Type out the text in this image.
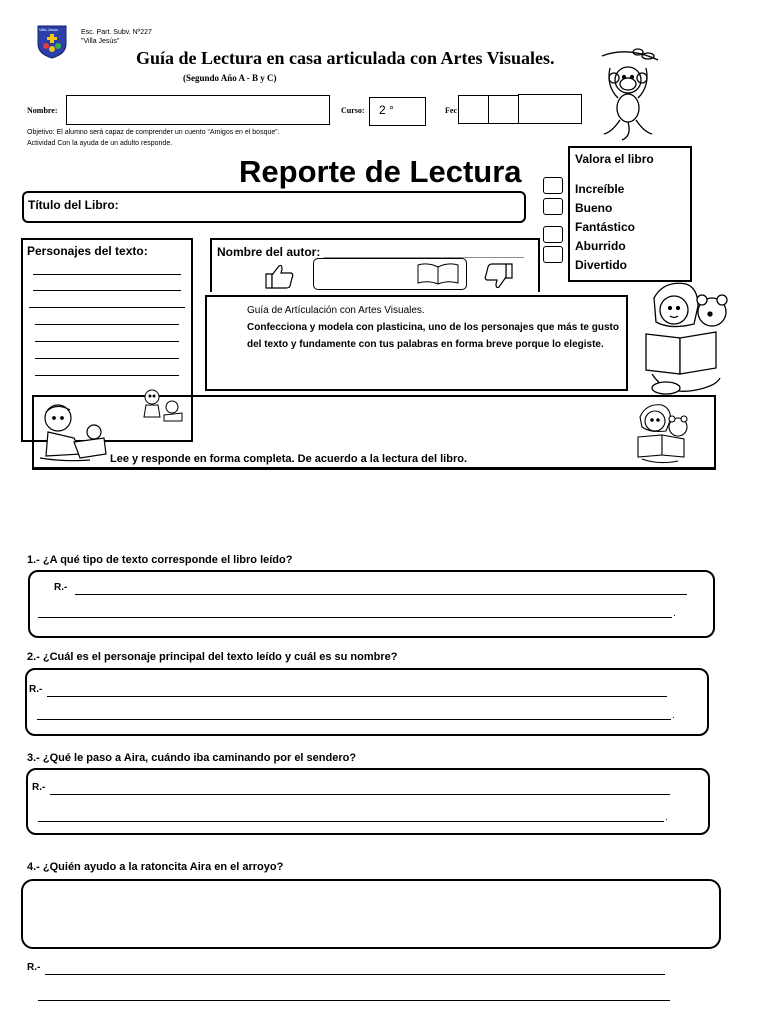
Villa Jesús	Esc. Part. Subv. Nº227
"Villa Jesús"
Guía de Lectura en casa articulada con Artes Visuales.
(Segundo Año A - B y C)
Nombre:	Curso: 2 °	Fec
Objetivo: El alumno será capaz de comprender un cuento “Amigos en el bosque”.
Actividad Con la ayuda de un adulto responde.
Reporte de Lectura
Título del Libro:
Valora el libro
Increíble
Bueno
Fantástico
Aburrido
Divertido
Personajes del texto:	Nombre del autor: ______________________________
Guía de Artículación con Artes Visuales.
Confecciona y modela con plasticina, uno de los personajes que más te gusto del texto y fundamente con tus palabras en forma breve porque lo elegiste.
Lee y responde en forma completa. De acuerdo a la lectura del libro.
1.- ¿A qué tipo de texto corresponde el libro leído?
R.-
.
2.- ¿Cuál es el personaje principal del texto leído y cuál es su nombre?
R.-
.
3.- ¿Qué le paso a Aira, cuándo iba caminando por el sendero?
R.-
.
4.- ¿Quién ayudo a la ratoncita Aira en el arroyo?
R.-
